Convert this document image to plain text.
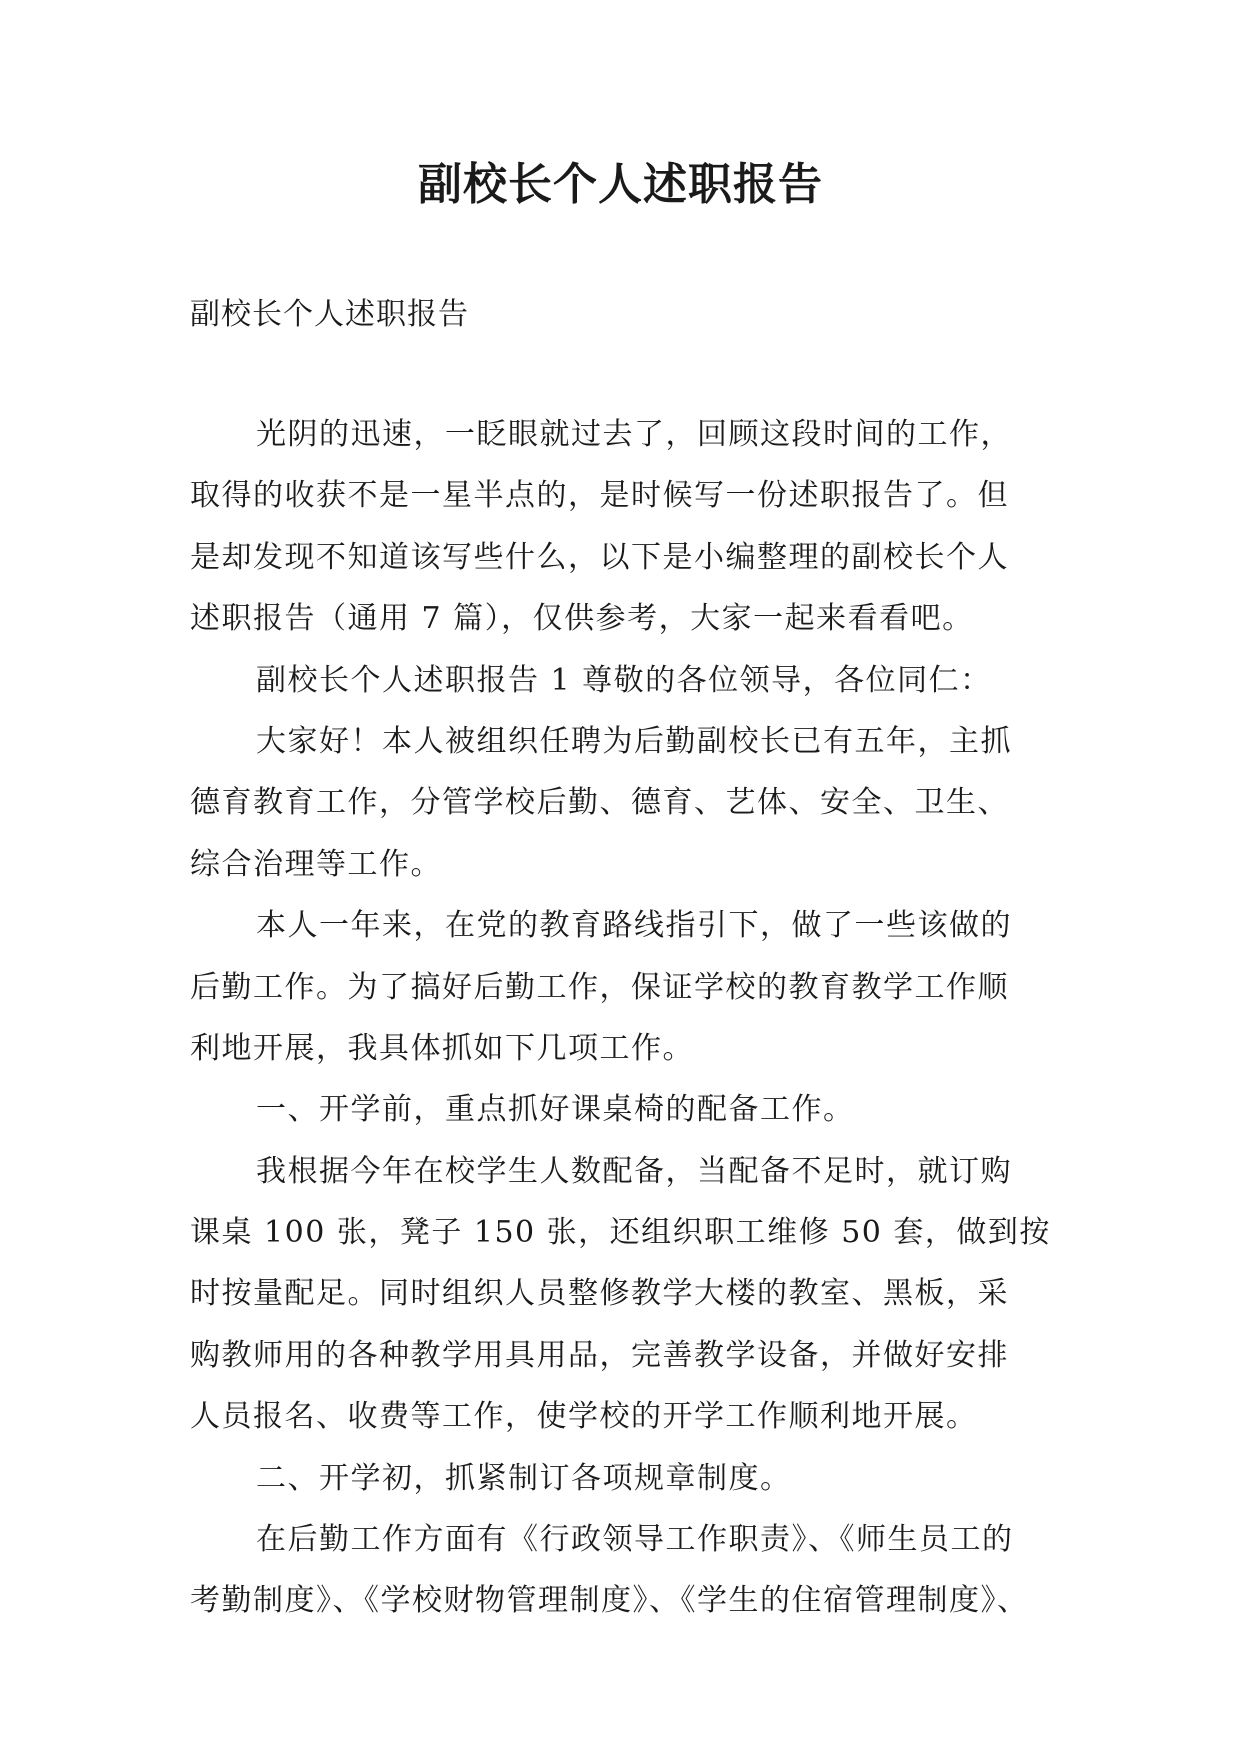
副校长个人述职报告

副校长个人述职报告

光阴的迅速，一眨眼就过去了，回顾这段时间的工作，
取得的收获不是一星半点的，是时候写一份述职报告了。但
是却发现不知道该写些什么，以下是小编整理的副校长个人
述职报告（通用 7 篇），仅供参考，大家一起来看看吧。
副校长个人述职报告 1 尊敬的各位领导，各位同仁：
大家好！本人被组织任聘为后勤副校长已有五年，主抓
德育教育工作，分管学校后勤、德育、艺体、安全、卫生、
综合治理等工作。
本人一年来，在党的教育路线指引下，做了一些该做的
后勤工作。为了搞好后勤工作，保证学校的教育教学工作顺
利地开展，我具体抓如下几项工作。
一、开学前，重点抓好课桌椅的配备工作。
我根据今年在校学生人数配备，当配备不足时，就订购
课桌 100 张，凳子 150 张，还组织职工维修 50 套，做到按
时按量配足。同时组织人员整修教学大楼的教室、黑板，采
购教师用的各种教学用具用品，完善教学设备，并做好安排
人员报名、收费等工作，使学校的开学工作顺利地开展。
二、开学初，抓紧制订各项规章制度。
在后勤工作方面有《行政领导工作职责》、《师生员工的
考勤制度》、《学校财物管理制度》、《学生的住宿管理制度》、
